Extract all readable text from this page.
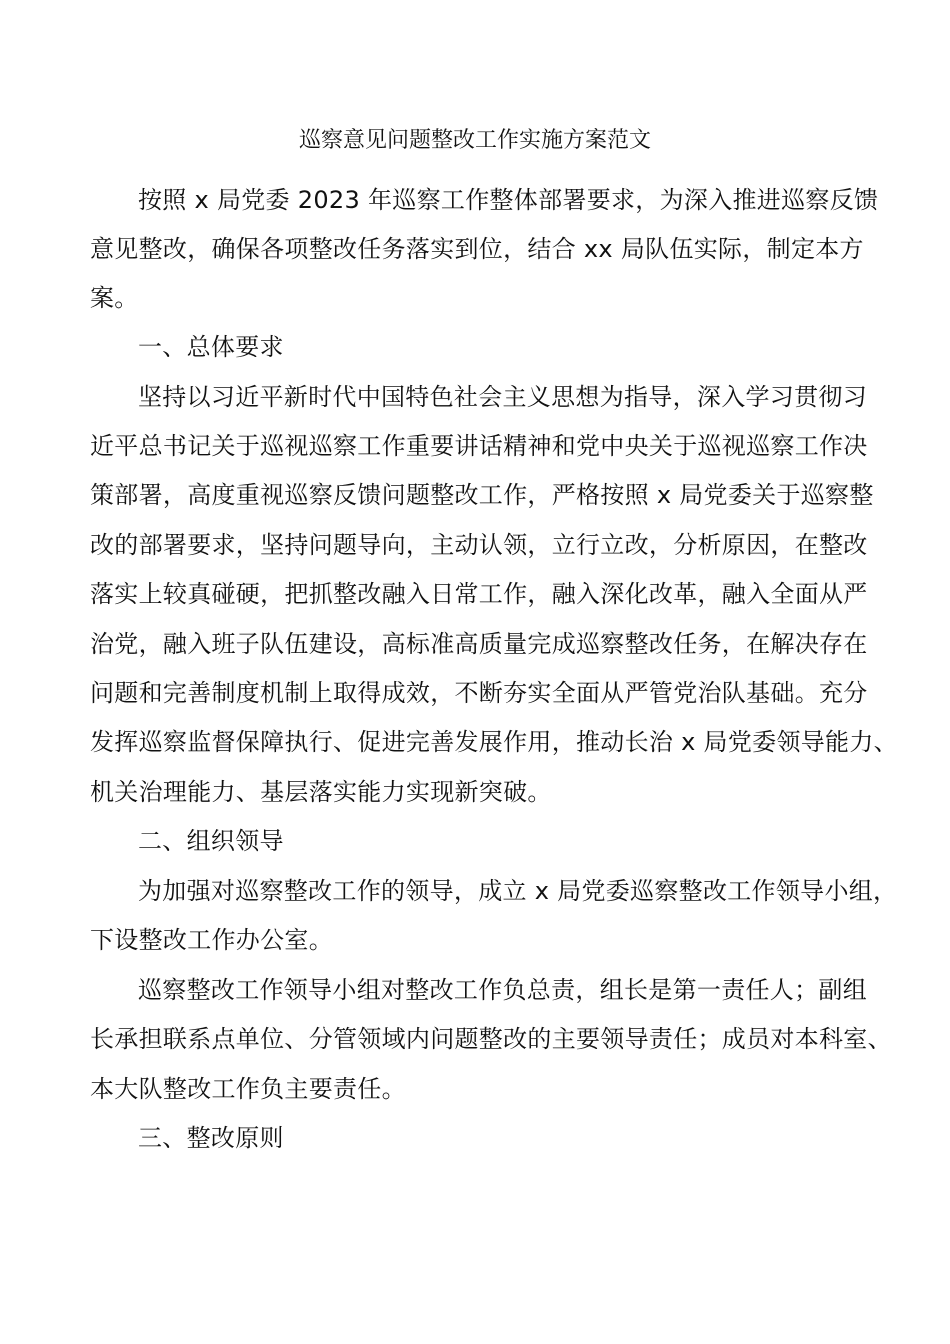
巡察意见问题整改工作实施方案范文
按照 x 局党委 2023 年巡察工作整体部署要求，为深入推进巡察反馈
意见整改，确保各项整改任务落实到位，结合 xx 局队伍实际，制定本方
案。
一、总体要求
坚持以习近平新时代中国特色社会主义思想为指导，深入学习贯彻习
近平总书记关于巡视巡察工作重要讲话精神和党中央关于巡视巡察工作决
策部署，高度重视巡察反馈问题整改工作，严格按照 x 局党委关于巡察整
改的部署要求，坚持问题导向，主动认领，立行立改，分析原因，在整改
落实上较真碰硬，把抓整改融入日常工作，融入深化改革，融入全面从严
治党，融入班子队伍建设，高标准高质量完成巡察整改任务，在解决存在
问题和完善制度机制上取得成效，不断夯实全面从严管党治队基础。充分
发挥巡察监督保障执行、促进完善发展作用，推动长治 x 局党委领导能力、
机关治理能力、基层落实能力实现新突破。
二、组织领导
为加强对巡察整改工作的领导，成立 x 局党委巡察整改工作领导小组，
下设整改工作办公室。
巡察整改工作领导小组对整改工作负总责，组长是第一责任人；副组
长承担联系点单位、分管领域内问题整改的主要领导责任；成员对本科室、
本大队整改工作负主要责任。
三、整改原则
